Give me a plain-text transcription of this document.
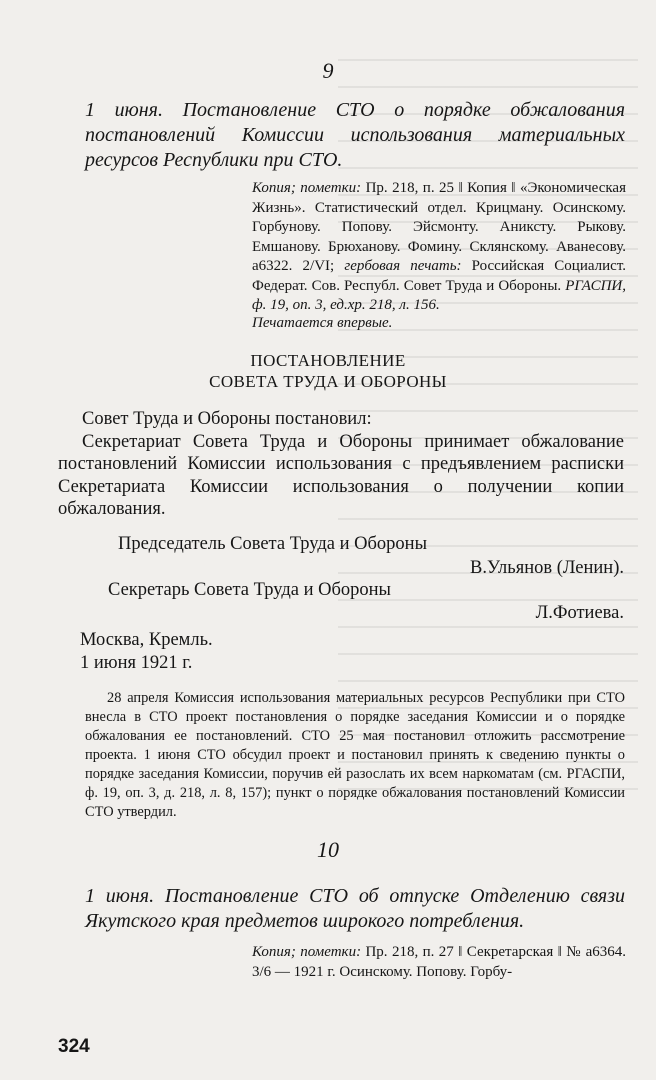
9
1 июня. Постановление СТО о порядке обжалования постановлений Комиссии использования материальных ресурсов Республики при СТО.
Копия; пометки: Пр. 218, п. 25 ‖ Копия ‖ «Экономическая Жизнь». Статистический отдел. Крицману. Осинскому. Горбунову. Попову. Эйсмонту. Аниксту. Рыкову. Емшанову. Брюханову. Фомину. Склянскому. Аванесову. а6322. 2/VI; гербовая печать: Российская Социалист. Федерат. Сов. Республ. Совет Труда и Обороны. РГАСПИ, ф. 19, оп. 3, ед.хр. 218, л. 156.
Печатается впервые.
ПОСТАНОВЛЕНИЕ
СОВЕТА ТРУДА И ОБОРОНЫ
Совет Труда и Обороны постановил:
Секретариат Совета Труда и Обороны принимает обжалование постановлений Комиссии использования с предъявлением расписки Секретариата Комиссии использования о получении копии обжалования.
Председатель Совета Труда и Обороны
В.Ульянов (Ленин).
Секретарь Совета Труда и Обороны
Л.Фотиева.
Москва, Кремль.
1 июня 1921 г.
28 апреля Комиссия использования материальных ресурсов Республики при СТО внесла в СТО проект постановления о порядке заседания Комиссии и о порядке обжалования ее постановлений. СТО 25 мая постановил отложить рассмотрение проекта. 1 июня СТО обсудил проект и постановил принять к сведению пункты о порядке заседания Комиссии, поручив ей разослать их всем наркоматам (см. РГАСПИ, ф. 19, оп. 3, д. 218, л. 8, 157); пункт о порядке обжалования постановлений Комиссии СТО утвердил.
10
1 июня. Постановление СТО об отпуске Отделению связи Якутского края предметов широкого потребления.
Копия; пометки: Пр. 218, п. 27 ‖ Секретарская ‖ № а6364. 3/6 — 1921 г. Осинскому. Попову. Горбу-
324
